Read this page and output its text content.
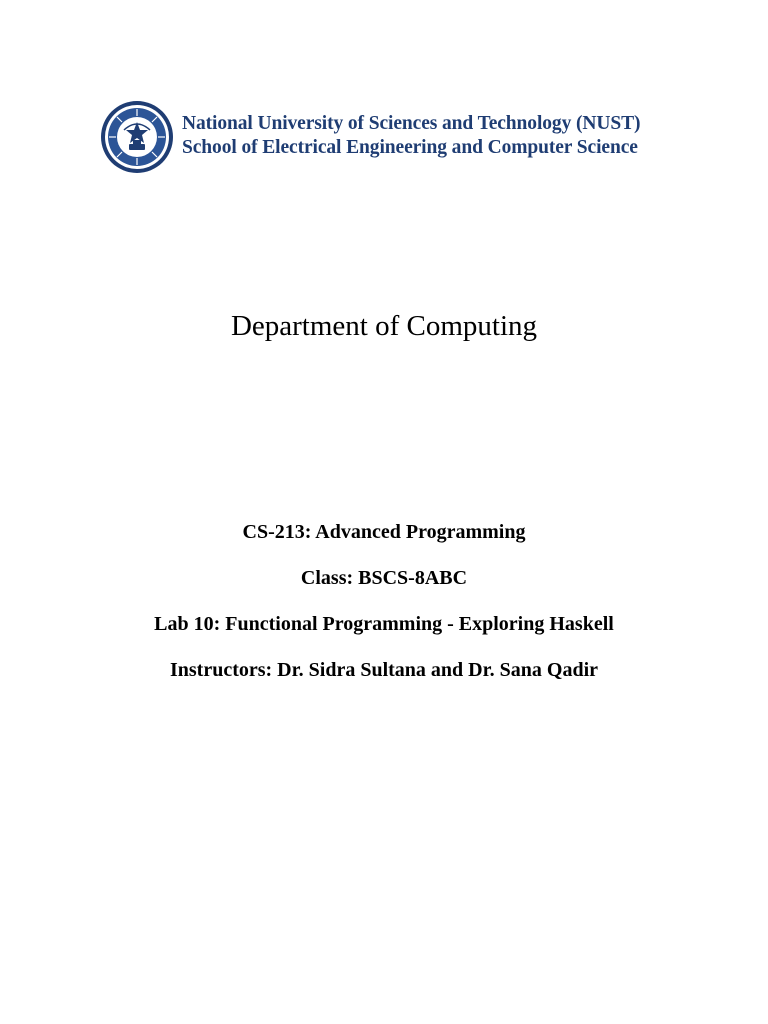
National University of Sciences and Technology (NUST)
School of Electrical Engineering and Computer Science
Department of Computing
CS-213: Advanced Programming
Class: BSCS-8ABC
Lab 10: Functional Programming - Exploring Haskell
Instructors: Dr. Sidra Sultana and Dr. Sana Qadir
